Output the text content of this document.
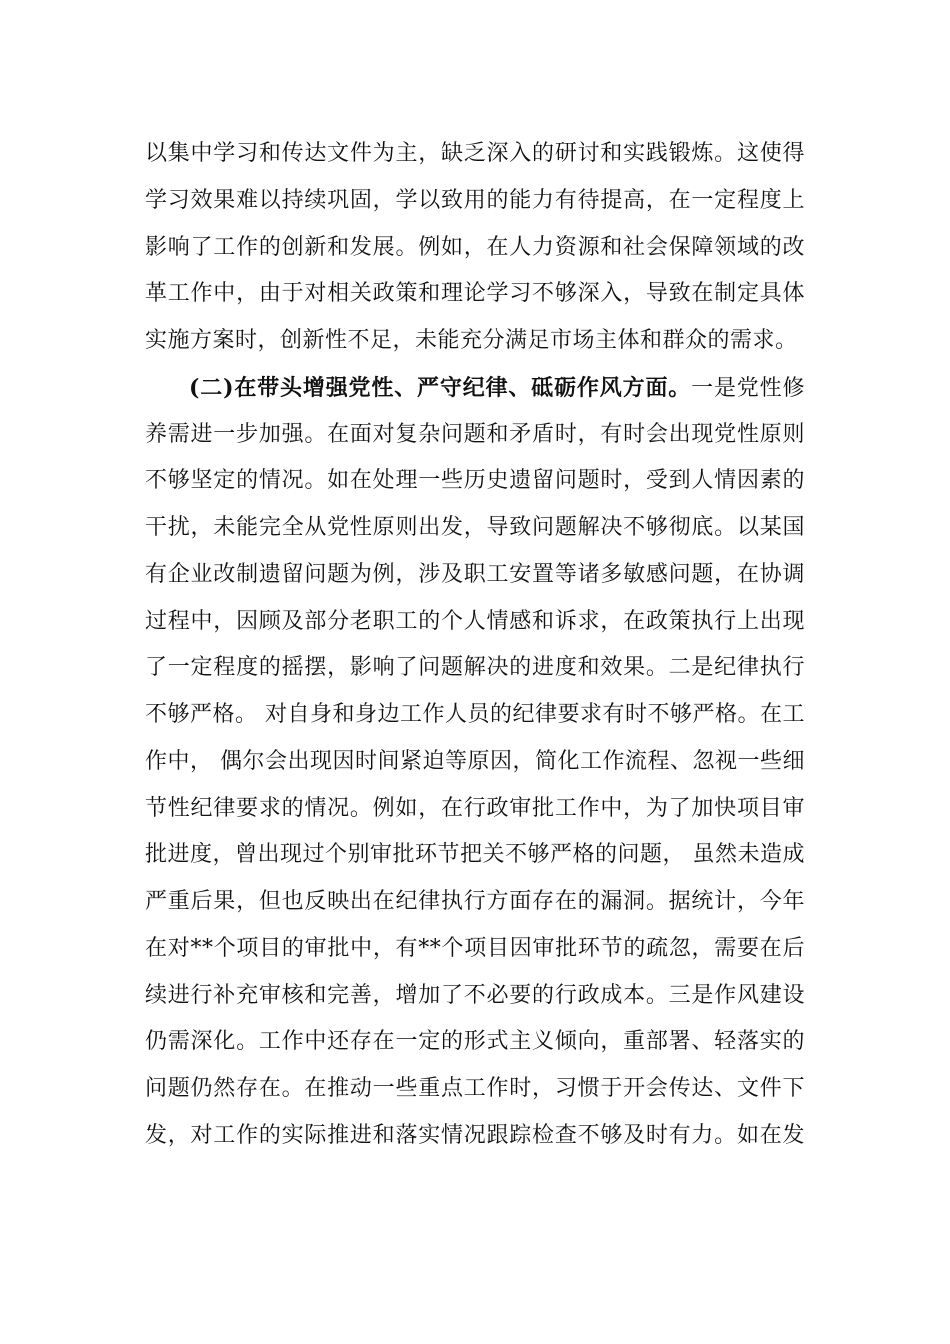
以集中学习和传达文件为主，缺乏深入的研讨和实践锻炼。这使得
学习效果难以持续巩固，学以致用的能力有待提高，在一定程度上
影响了工作的创新和发展。例如，在人力资源和社会保障领域的改
革工作中，由于对相关政策和理论学习不够深入，导致在制定具体
实施方案时，创新性不足，未能充分满足市场主体和群众的需求。
(二)在带头增强党性、严守纪律、砥砺作风方面。一是党性修
养需进一步加强。在面对复杂问题和矛盾时，有时会出现党性原则
不够坚定的情况。如在处理一些历史遗留问题时，受到人情因素的
干扰，未能完全从党性原则出发，导致问题解决不够彻底。以某国
有企业改制遗留问题为例，涉及职工安置等诸多敏感问题，在协调
过程中，因顾及部分老职工的个人情感和诉求，在政策执行上出现
了一定程度的摇摆，影响了问题解决的进度和效果。二是纪律执行
不够严格。 对自身和身边工作人员的纪律要求有时不够严格。在工
作中， 偶尔会出现因时间紧迫等原因，简化工作流程、忽视一些细
节性纪律要求的情况。例如，在行政审批工作中，为了加快项目审
批进度，曾出现过个别审批环节把关不够严格的问题， 虽然未造成
严重后果，但也反映出在纪律执行方面存在的漏洞。据统计，今年
在对**个项目的审批中，有**个项目因审批环节的疏忽，需要在后
续进行补充审核和完善，增加了不必要的行政成本。三是作风建设
仍需深化。工作中还存在一定的形式主义倾向，重部署、轻落实的
问题仍然存在。在推动一些重点工作时，习惯于开会传达、文件下
发，对工作的实际推进和落实情况跟踪检查不够及时有力。如在发
